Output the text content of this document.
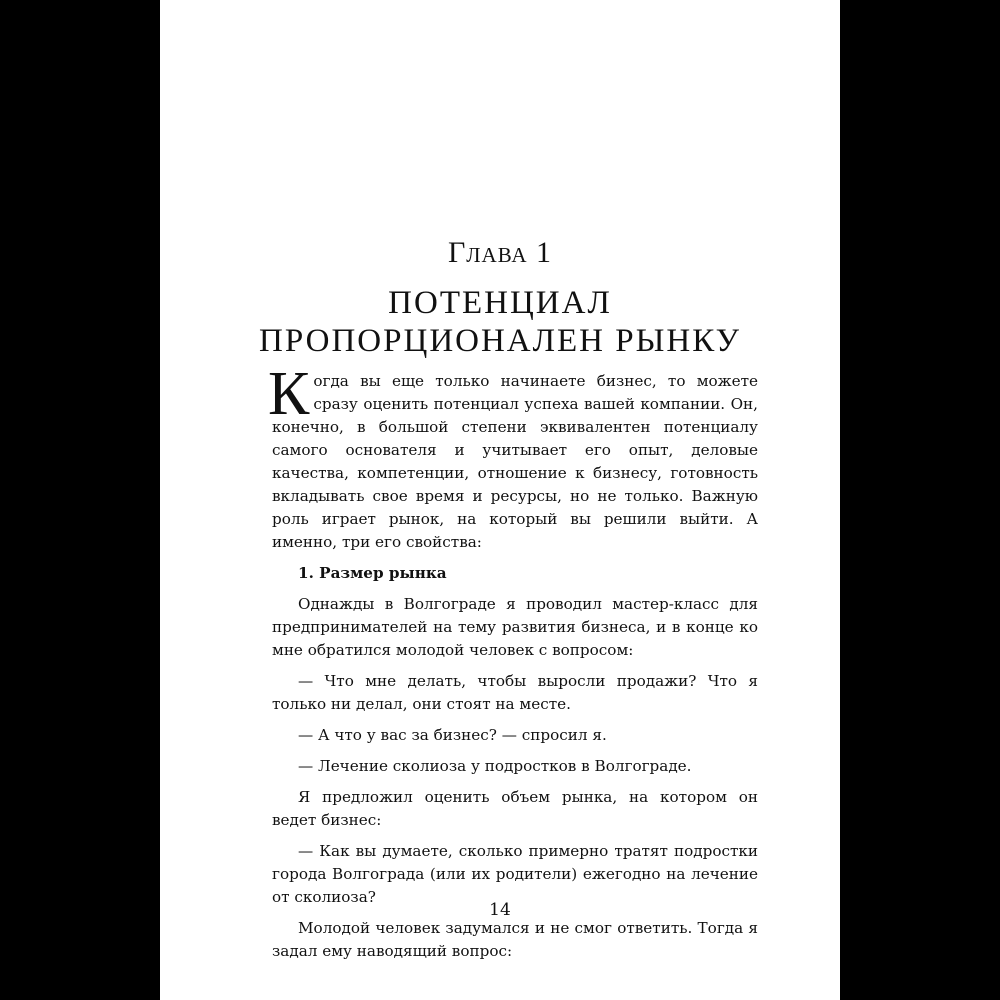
Глава 1
ПОТЕНЦИАЛ
ПРОПОРЦИОНАЛЕН РЫНКУ

Когда вы еще только начинаете бизнес, то можете сразу оценить потенциал успеха вашей компании. Он, конечно, в большой степени эквивалентен потенциалу самого основателя и учитывает его опыт, деловые качества, компетенции, отношение к бизнесу, готовность вкладывать свое время и ресурсы, но не только. Важную роль играет рынок, на который вы решили выйти. А именно, три его свойства:

1. Размер рынка

Однажды в Волгограде я проводил мастер-класс для предпринимателей на тему развития бизнеса, и в конце ко мне обратился молодой человек с вопросом:

— Что мне делать, чтобы выросли продажи? Что я только ни делал, они стоят на месте.

— А что у вас за бизнес? — спросил я.

— Лечение сколиоза у подростков в Волгограде.

Я предложил оценить объем рынка, на котором он ведет бизнес:

— Как вы думаете, сколько примерно тратят подростки города Волгограда (или их родители) ежегодно на лечение от сколиоза?

Молодой человек задумался и не смог ответить. Тогда я задал ему наводящий вопрос:

14
